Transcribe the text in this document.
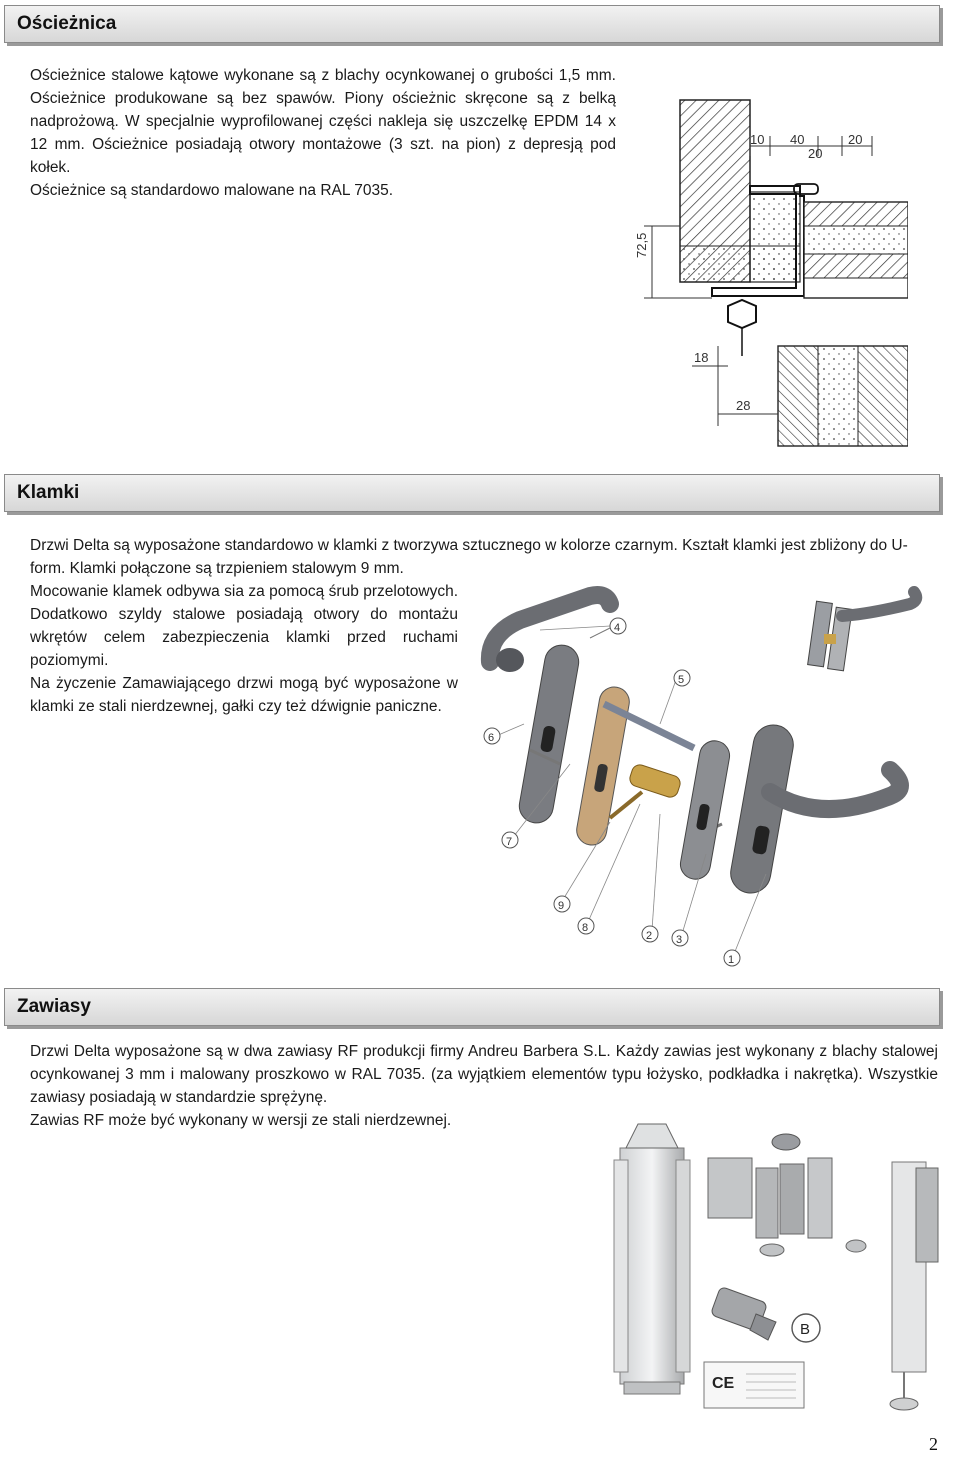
Ościeżnica

Ościeżnice stalowe kątowe wykonane są z blachy ocynkowanej o grubości 1,5 mm. Ościeżnice produkowane są bez spawów. Piony ościeżnic skręcone są z belką nadprożową. W specjalnie wyprofilowanej części nakleja się uszczelkę EPDM 14 x 12 mm. Ościeżnice posiadają otwory montażowe (3 szt. na pion) z depresją pod kołek.

Ościeżnice są standardowo malowane na RAL 7035.

10 40
20
20
72,5
18
28
Klamki

Drzwi Delta są wyposażone standardowo w klamki z tworzywa sztucznego w kolorze czarnym. Kształt klamki jest zbliżony do U-form. Klamki połączone są trzpieniem stalowym 9 mm.

Mocowanie klamek odbywa sia za pomocą śrub przelotowych. Dodatkowo szyldy stalowe posiadają otwory do montażu wkrętów celem zabezpieczenia klamki przed ruchami poziomymi.

Na życzenie Zamawiającego drzwi mogą być wyposażone w klamki ze stali nierdzewnej, gałki czy też dźwignie paniczne.

4
5
6
7
9
8
2 3
1
Zawiasy

Drzwi Delta wyposażone są w dwa zawiasy RF produkcji firmy Andreu Barbera S.L. Każdy zawias jest wykonany z blachy stalowej ocynkowanej 3 mm i malowany proszkowo w RAL 7035. (za wyjątkiem elementów typu łożysko, podkładka i nakrętka). Wszystkie zawiasy posiadają w standardzie sprężynę.

Zawias RF może być wykonany w wersji ze stali nierdzewnej.

B
CE
2
